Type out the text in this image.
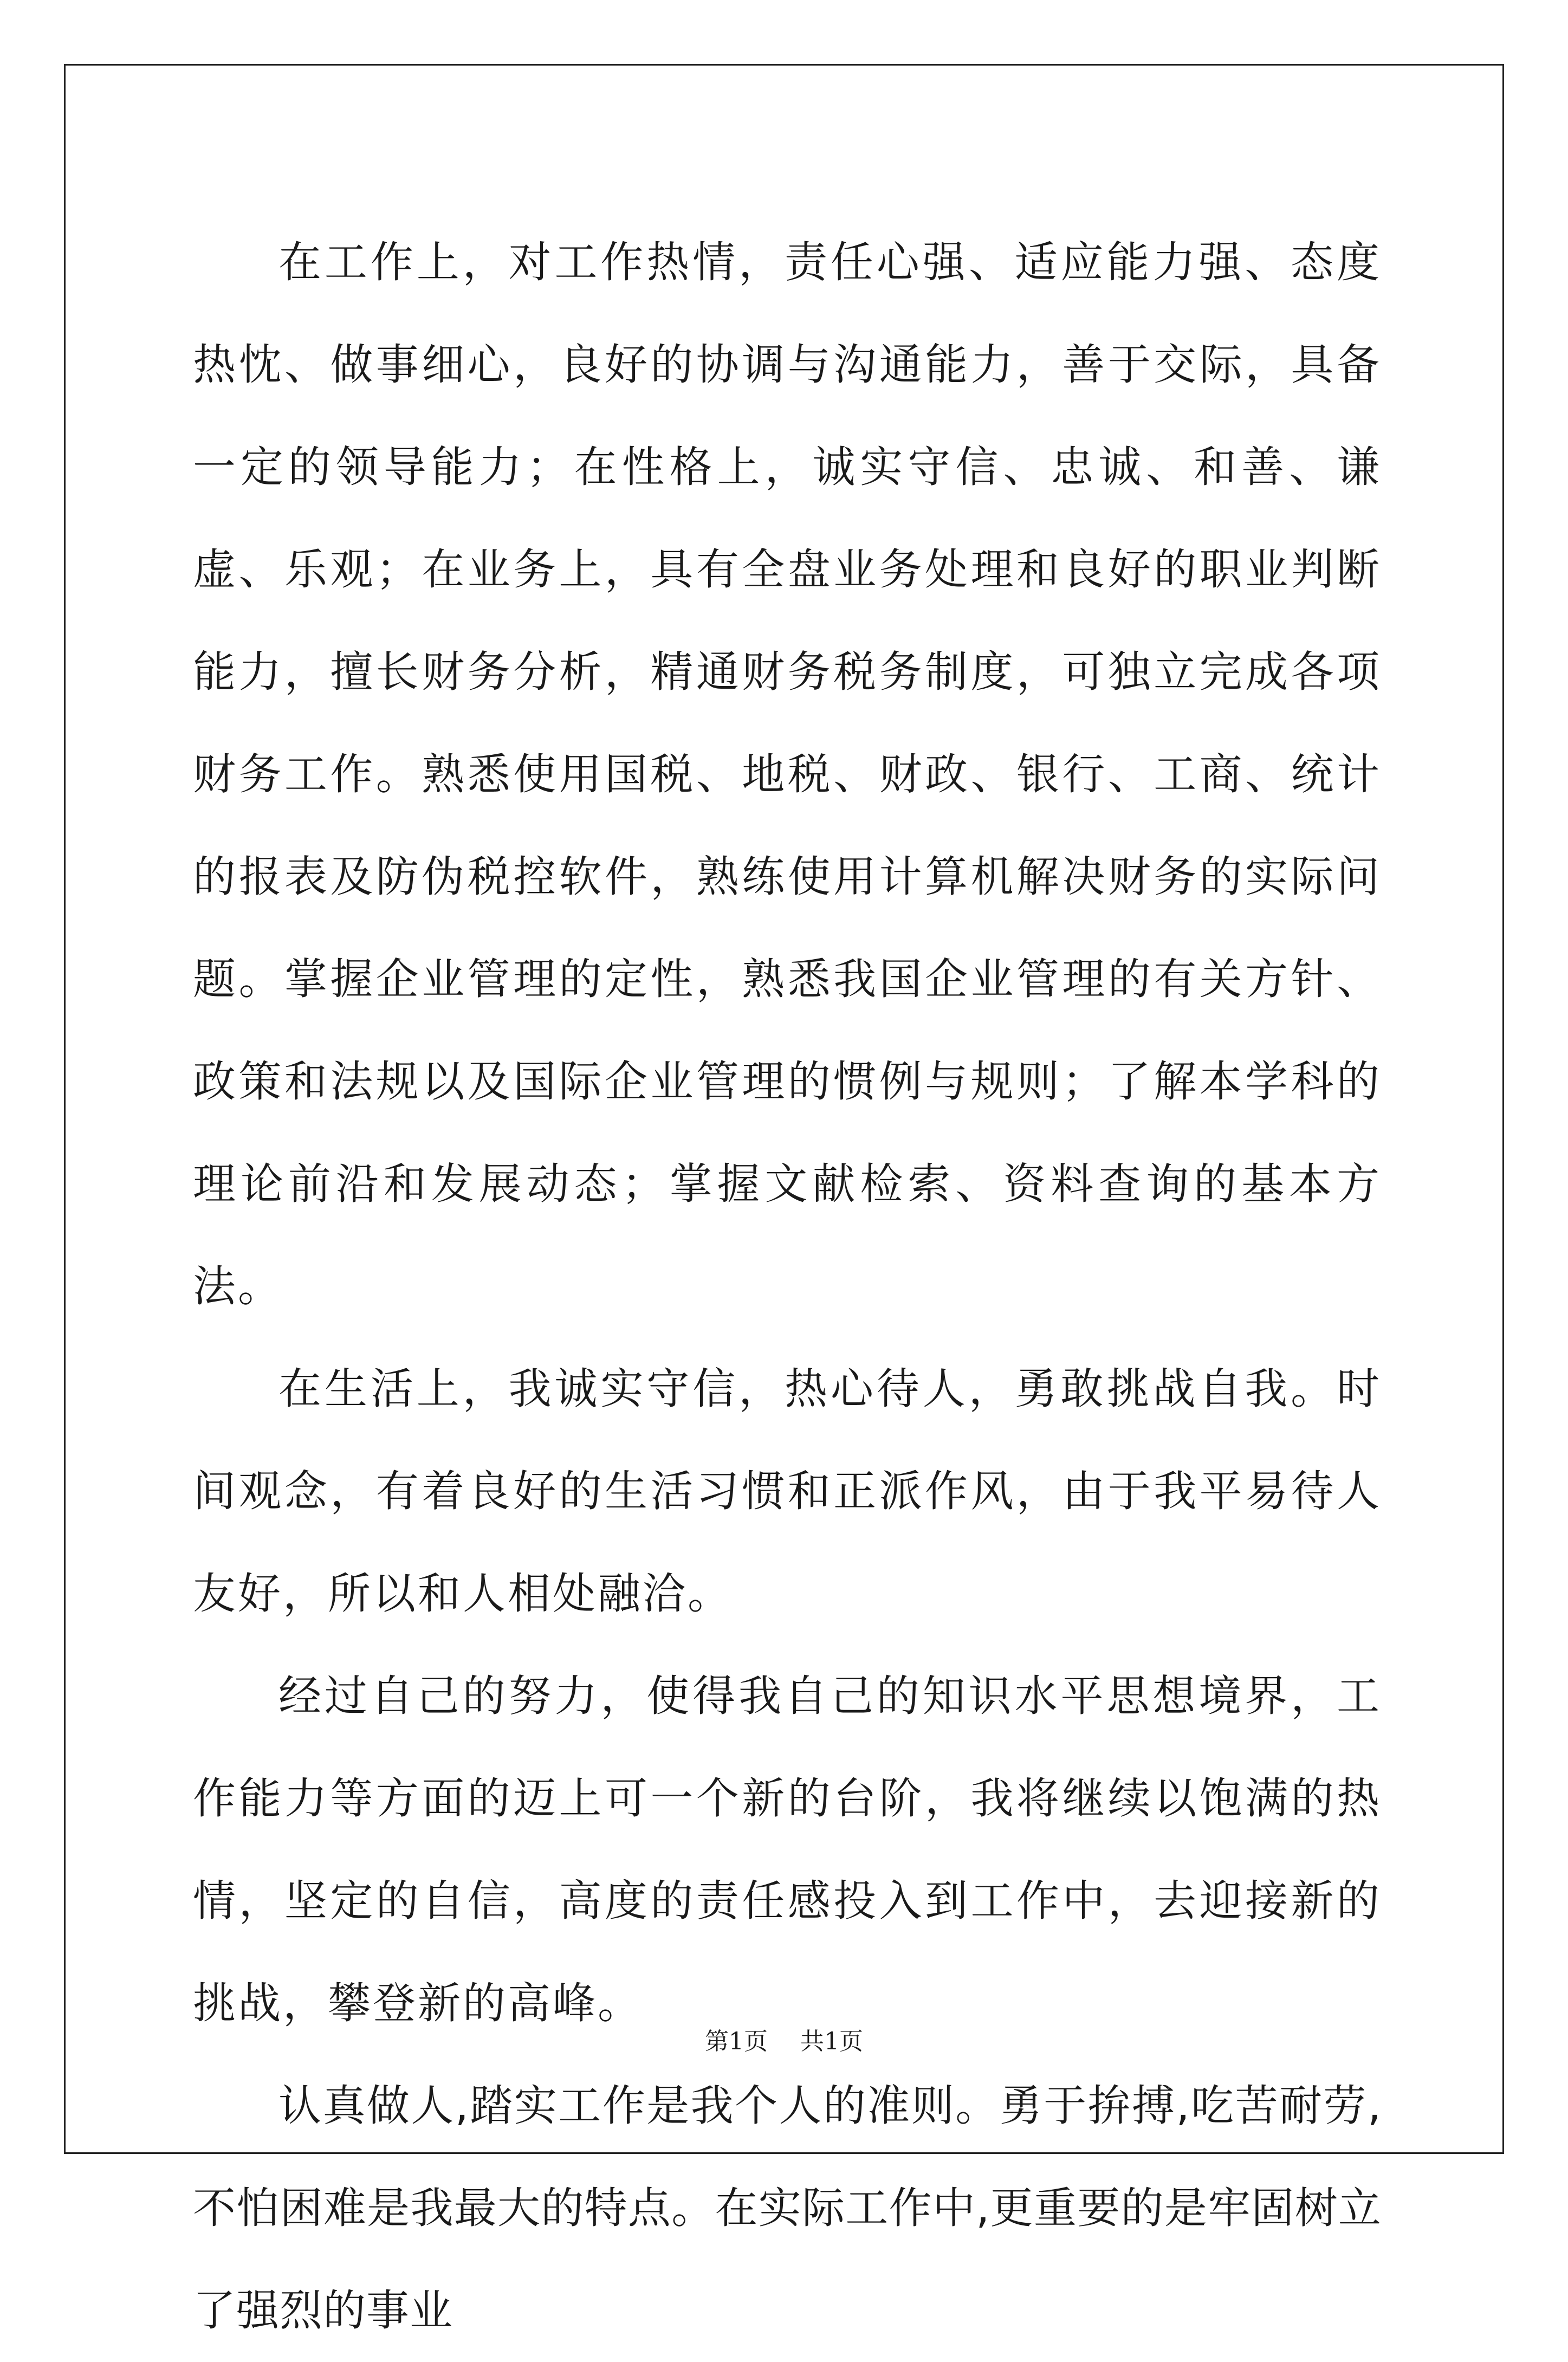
在工作上，对工作热情，责任心强、适应能力强、态度热忱、做事细心，良好的协调与沟通能力，善于交际，具备一定的领导能力；在性格上，诚实守信、忠诚、和善、谦虚、乐观；在业务上，具有全盘业务处理和良好的职业判断能力，擅长财务分析，精通财务税务制度，可独立完成各项财务工作。熟悉使用国税、地税、财政、银行、工商、统计的报表及防伪税控软件，熟练使用计算机解决财务的实际问题。掌握企业管理的定性，熟悉我国企业管理的有关方针、政策和法规以及国际企业管理的惯例与规则；了解本学科的理论前沿和发展动态；掌握文献检索、资料查询的基本方法。

在生活上，我诚实守信，热心待人，勇敢挑战自我。时间观念，有着良好的生活习惯和正派作风，由于我平易待人友好，所以和人相处融洽。

经过自己的努力，使得我自己的知识水平思想境界，工作能力等方面的迈上可一个新的台阶，我将继续以饱满的热情，坚定的自信，高度的责任感投入到工作中，去迎接新的挑战，攀登新的高峰。

认真做人,踏实工作是我个人的准则。勇于拚搏,吃苦耐劳,不怕困难是我最大的特点。在实际工作中,更重要的是牢固树立了强烈的事业

第1页 共1页
